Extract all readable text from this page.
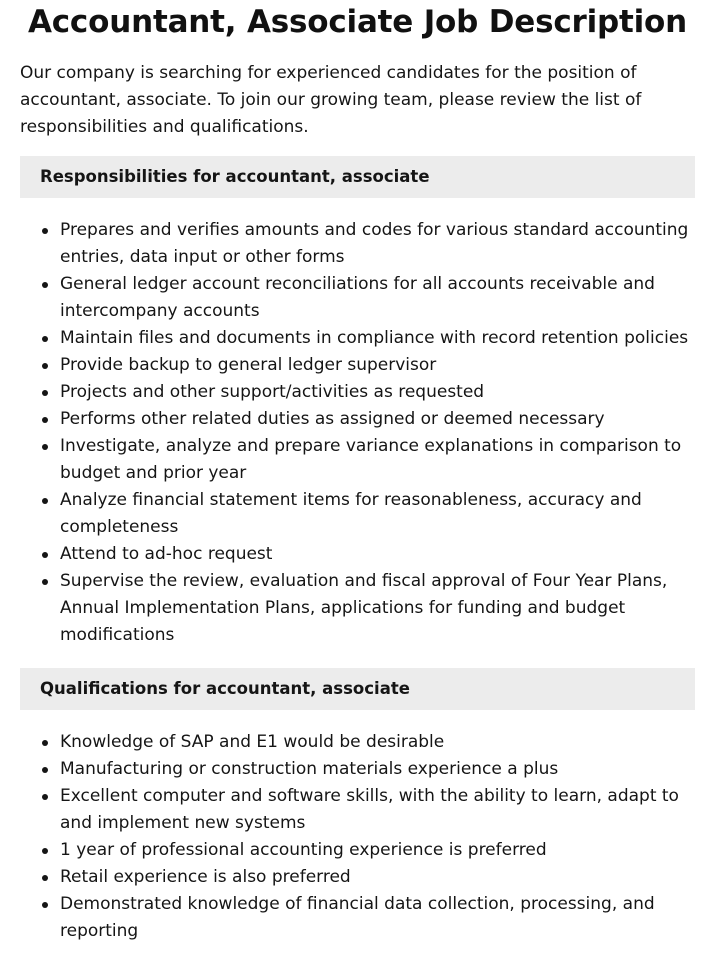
Accountant, Associate Job Description

Our company is searching for experienced candidates for the position of accountant, associate. To join our growing team, please review the list of responsibilities and qualifications.

Responsibilities for accountant, associate
Prepares and verifies amounts and codes for various standard accounting entries, data input or other forms
General ledger account reconciliations for all accounts receivable and intercompany accounts
Maintain files and documents in compliance with record retention policies
Provide backup to general ledger supervisor
Projects and other support/activities as requested
Performs other related duties as assigned or deemed necessary
Investigate, analyze and prepare variance explanations in comparison to budget and prior year
Analyze financial statement items for reasonableness, accuracy and completeness
Attend to ad-hoc request
Supervise the review, evaluation and fiscal approval of Four Year Plans, Annual Implementation Plans, applications for funding and budget modifications
Qualifications for accountant, associate
Knowledge of SAP and E1 would be desirable
Manufacturing or construction materials experience a plus
Excellent computer and software skills, with the ability to learn, adapt to and implement new systems
1 year of professional accounting experience is preferred
Retail experience is also preferred
Demonstrated knowledge of financial data collection, processing, and reporting
